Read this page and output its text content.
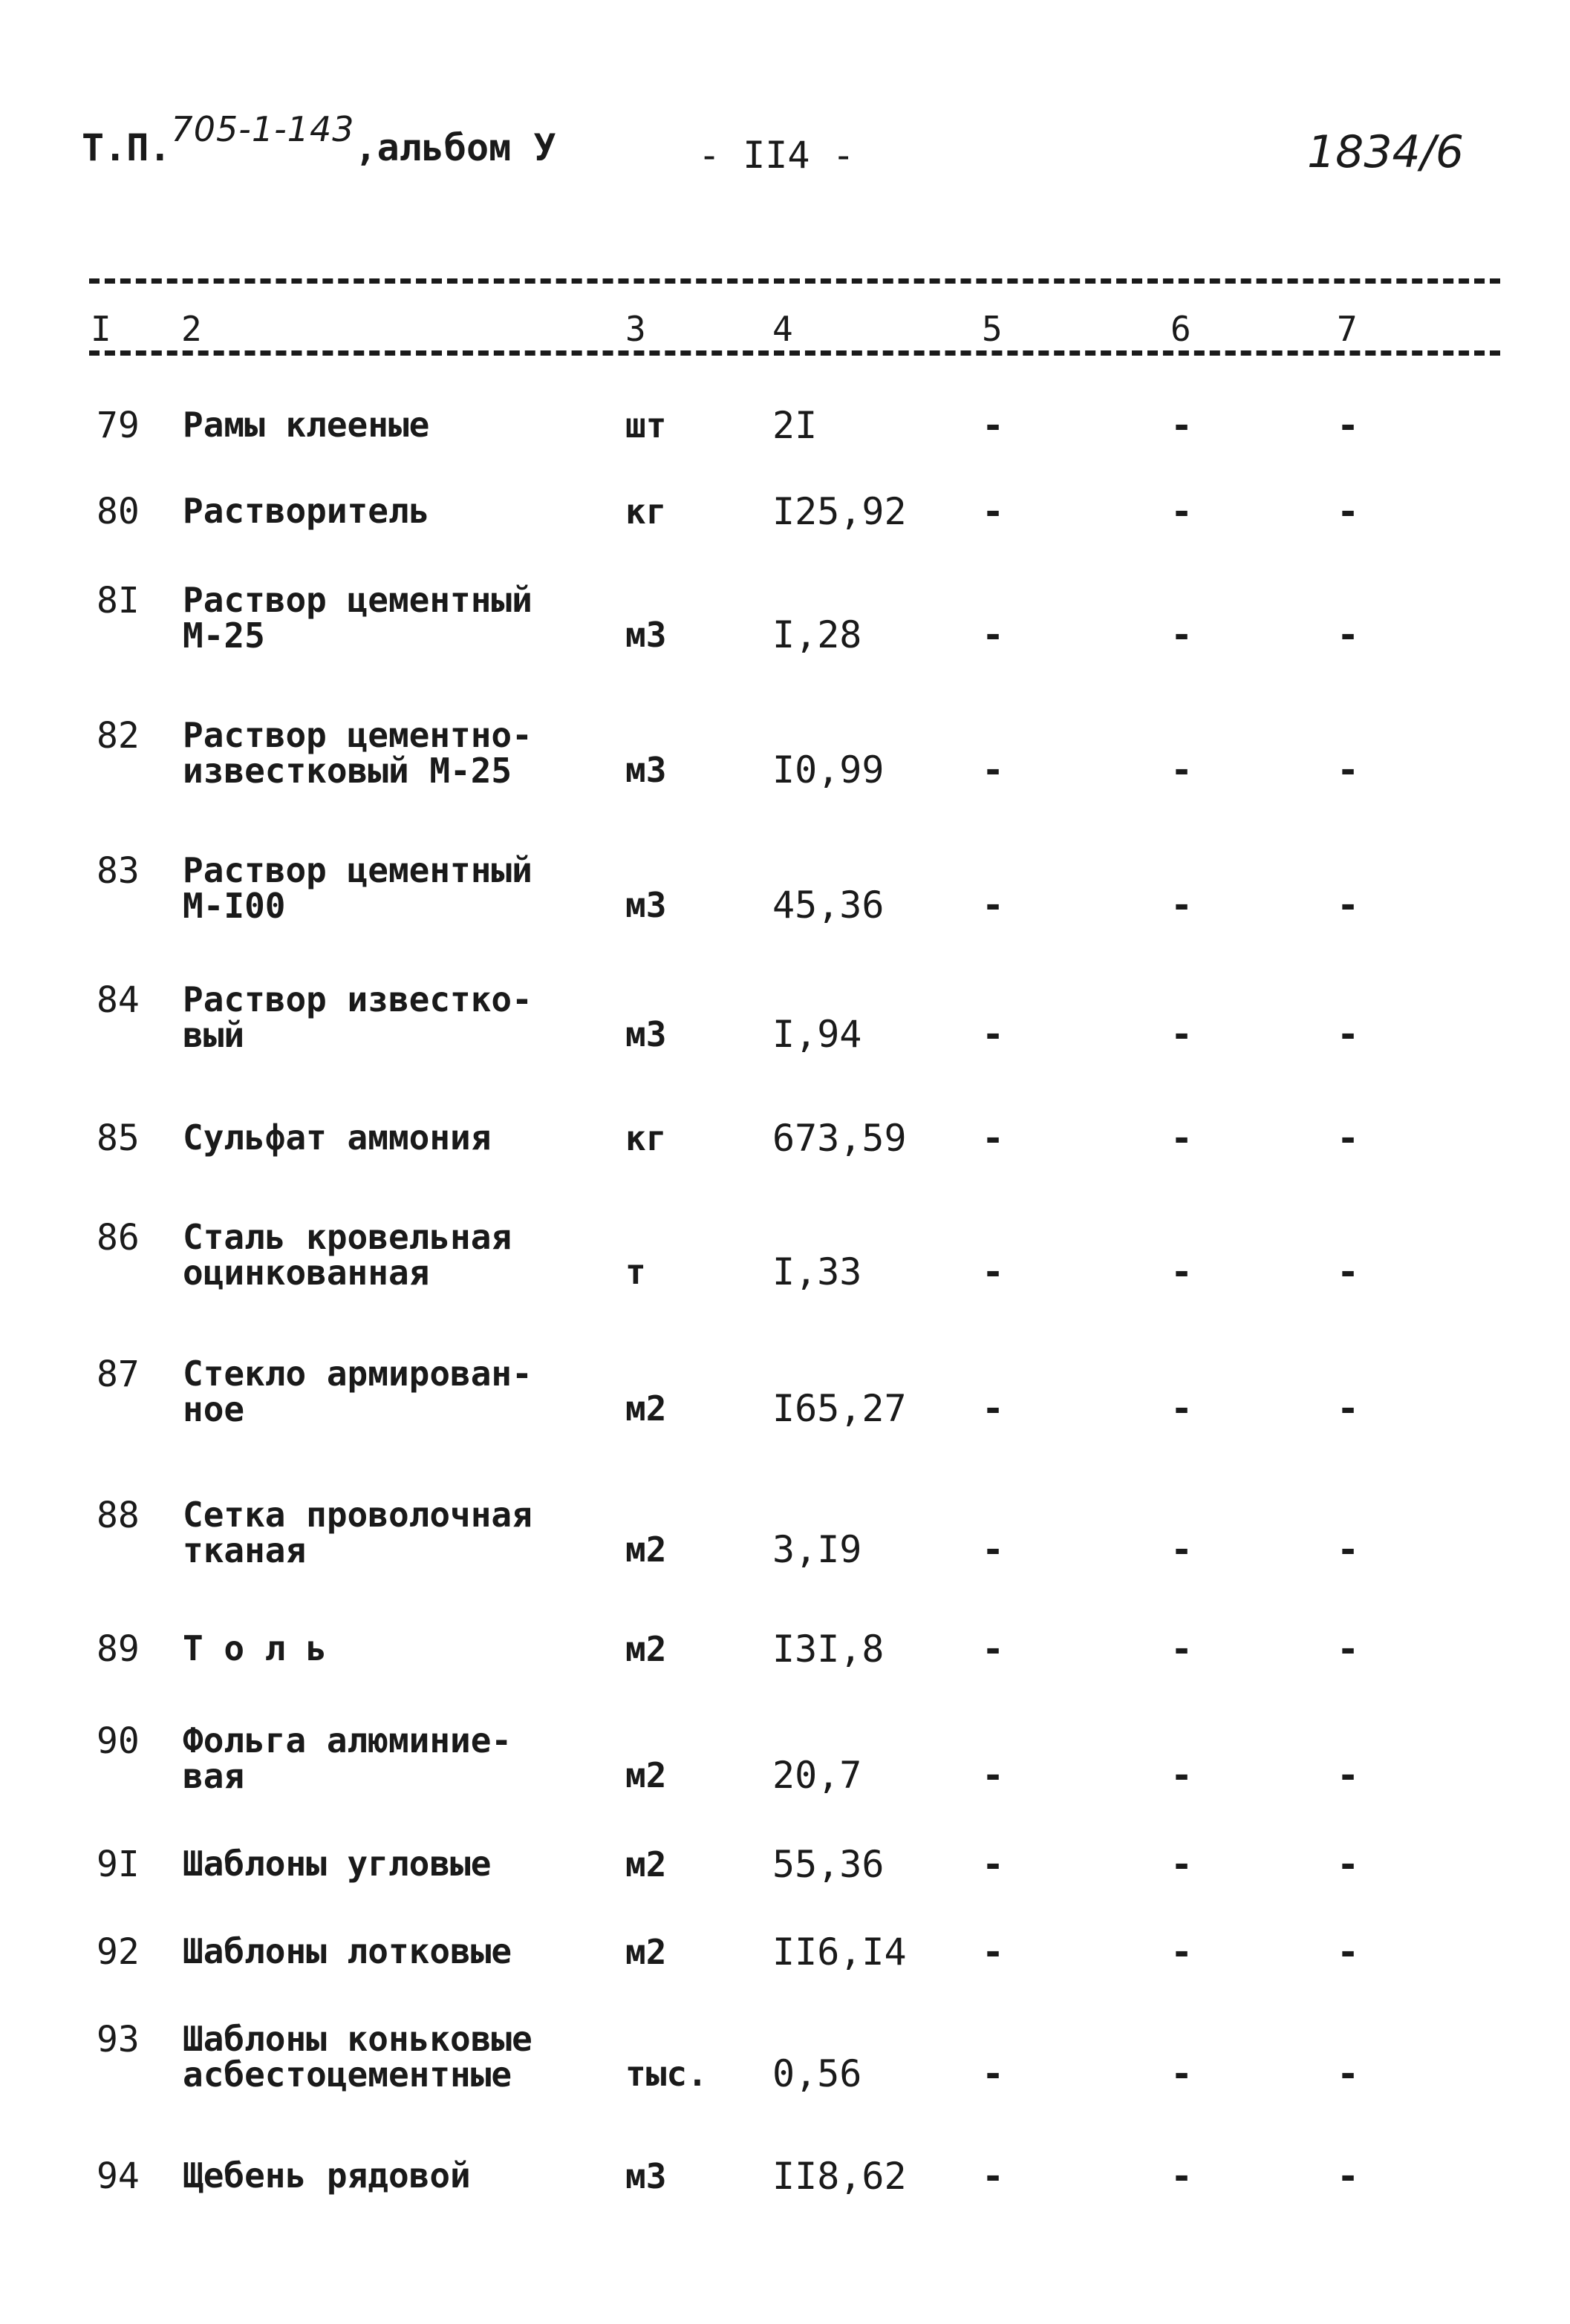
Т.П.705-1-143,альбом У	- II4 -	1834/6
I 2	3	4	5	6	7
79 Рамы клееные	шт	2I	-	-	-
80 Растворитель	кг	I25,92 -	-	-
8I Раствор цементный
М-25	м3	I,28	-	-	-
82 Раствор цементно-
известковый М-25	м3	I0,99	-	-	-
83 Раствор цементный
М-I00	м3	45,36	-	-	-
84 Раствор известко-
вый	м3	I,94	-	-	-
85 Сульфат аммония	кг	673,59 -	-	-
86 Сталь кровельная
оцинкованная	т	I,33	-	-	-
87 Стекло армирован-
ное	м2	I65,27 -	-	-
88 Сетка проволочная
тканая	м2	3,I9	-	-	-
89 Т о л ь	м2	I3I,8	-	-	-
90 Фольга алюминие-
вая	м2	20,7	-	-	-
9I Шаблоны угловые	м2	55,36	-	-	-
92 Шаблоны лотковые	м2	II6,I4 -	-	-
93 Шаблоны коньковые
асбестоцементные	тыс. 0,56	-	-	-
94 Щебень рядовой	м3	II8,62 -	-	-
